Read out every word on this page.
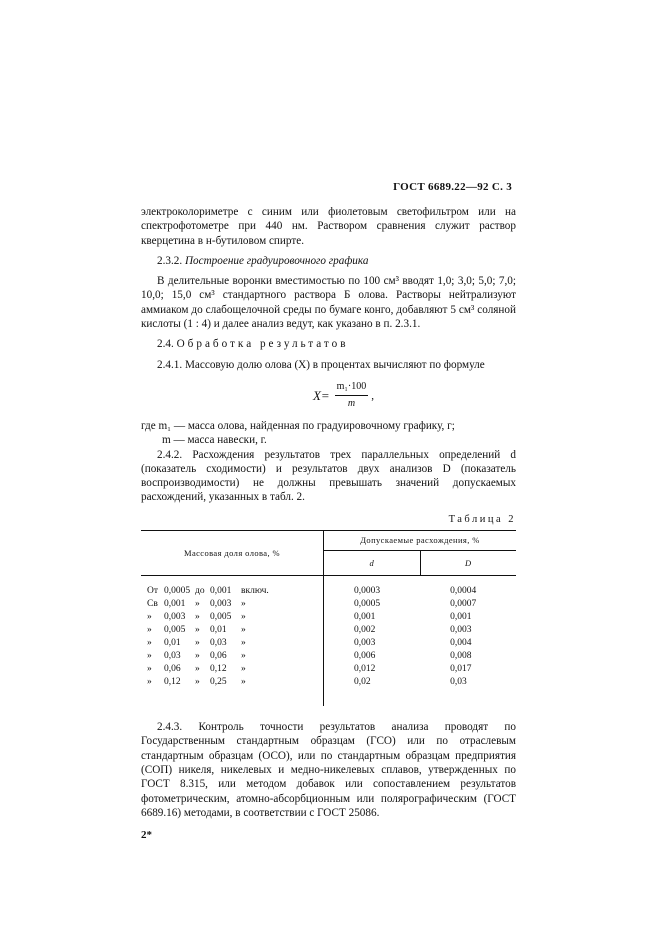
ГОСТ 6689.22—92 С. 3

электроколориметре с синим или фиолетовым светофильтром или на спектрофотометре при 440 нм. Раствором сравнения служит раствор кверцетина в н-бутиловом спирте.

2.3.2. Построение градуировочного графика

В делительные воронки вместимостью по 100 см³ вводят 1,0; 3,0; 5,0; 7,0; 10,0; 15,0 см³ стандартного раствора Б олова. Растворы нейтрализуют аммиаком до слабощелочной среды по бумаге конго, добавляют 5 см³ соляной кислоты (1 : 4) и далее анализ ведут, как указано в п. 2.3.1.

2.4. Обработка результатов

2.4.1. Массовую долю олова (X) в процентах вычисляют по формуле

$X= \frac{\text{m₁·100}}{m}$ ,

где m₁ — масса олова, найденная по градуировочному графику, г;

m — масса навески, г.

2.4.2. Расхождения результатов трех параллельных определений d (показатель сходимости) и результатов двух анализов D (показатель воспроизводимости) не должны превышать значений допускаемых расхождений, указанных в табл. 2.

Таблица 2
Массовая доля олова, %	Допускаемые расхождения, %	
	d	D
От 0,0005 до 0,001 включ.	0,0003	0,0004
Св 0,001 » 0,003 »	0,0005	0,0007
» 0,003 » 0,005 »	0,001	0,001
» 0,005 » 0,01 »	0,002	0,003
» 0,01 » 0,03 »	0,003	0,004
» 0,03 » 0,06 »	0,006	0,008
» 0,06 » 0,12 »	0,012	0,017
» 0,12 » 0,25 »	0,02	0,03

2.4.3. Контроль точности результатов анализа проводят по Государственным стандартным образцам (ГСО) или по отраслевым стандартным образцам (ОСО), или по стандартным образцам предприятия (СОП) никеля, никелевых и медно-никелевых сплавов, утвержденных по ГОСТ 8.315, или методом добавок или сопоставлением результатов фотометрическим, атомно-абсорбционным или полярографическим (ГОСТ 6689.16) методами, в соответствии с ГОСТ 25086.

2*
